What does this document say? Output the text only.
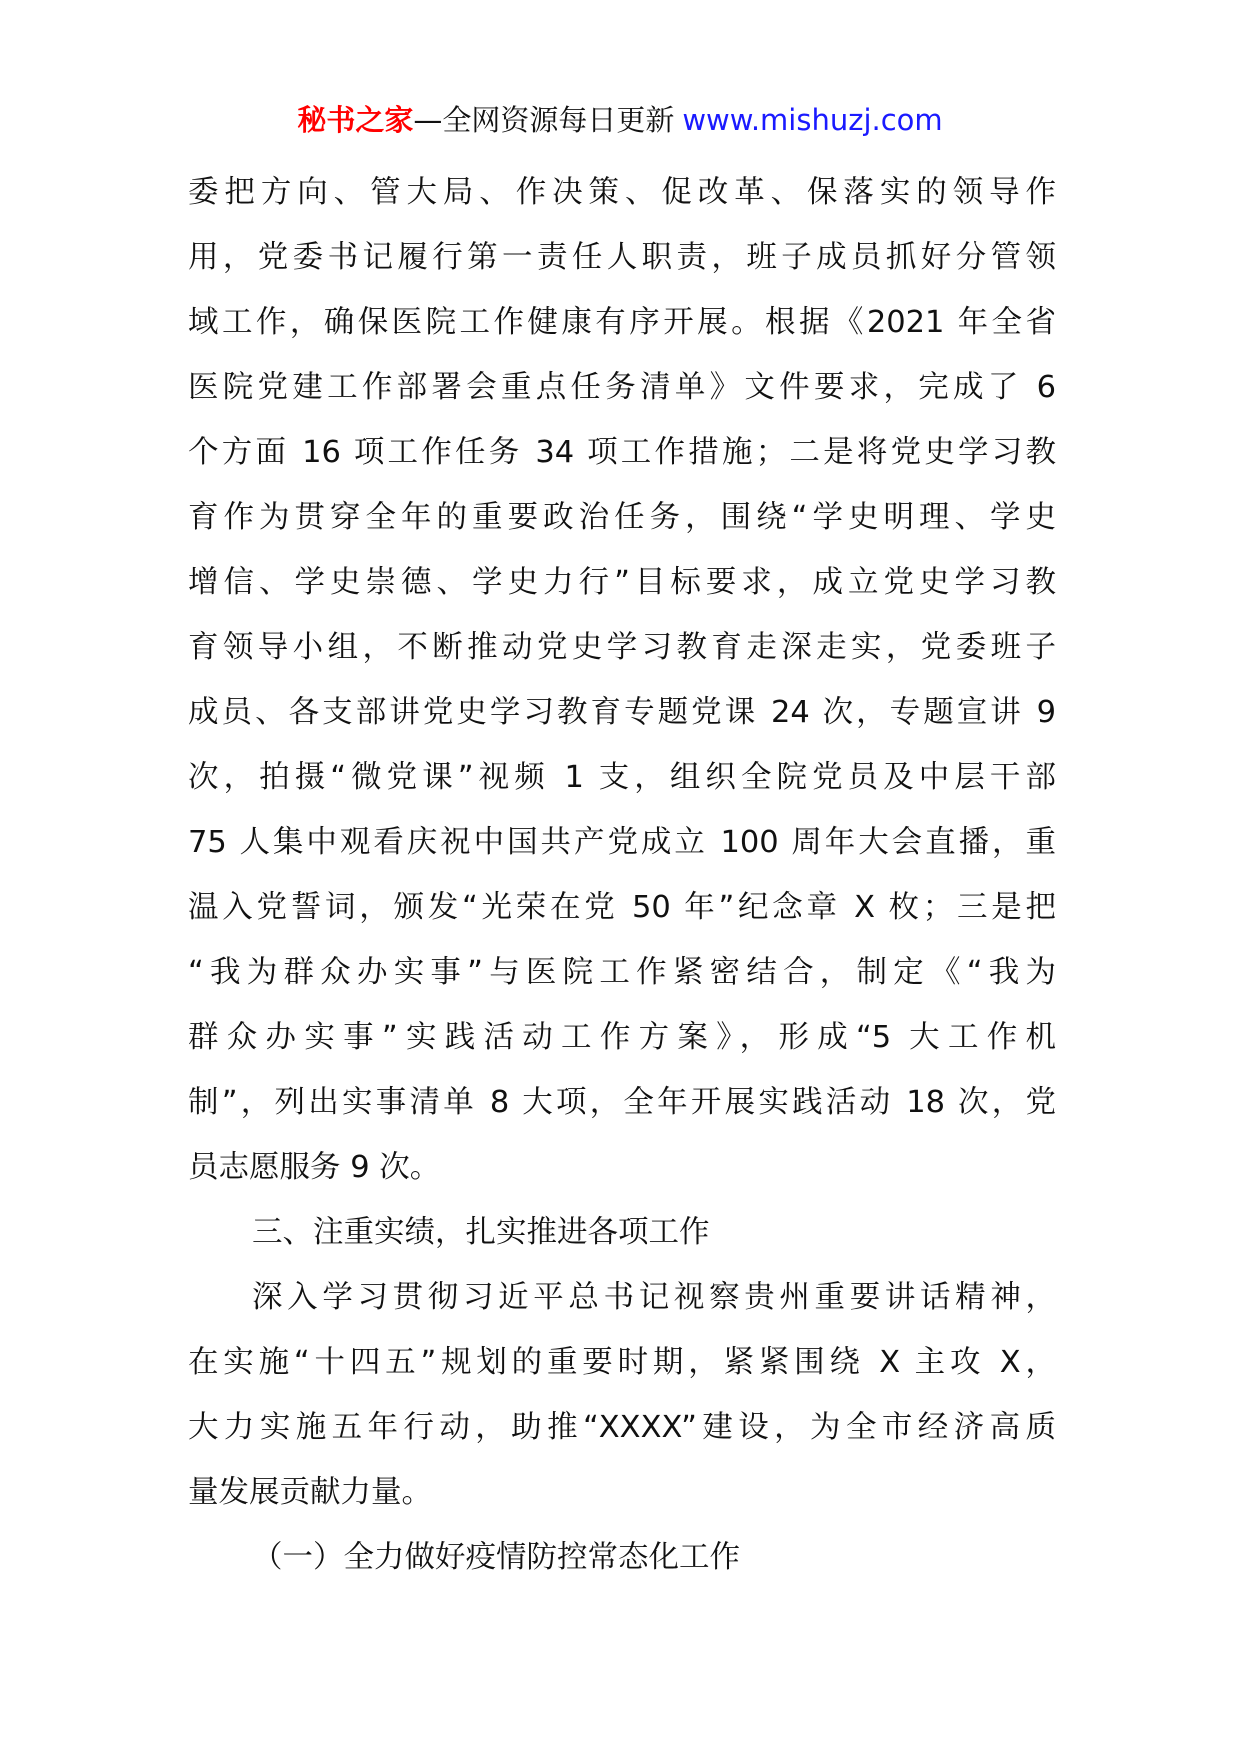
秘书之家—全网资源每日更新 www.mishuzj.com
委把方向、管大局、作决策、促改革、保落实的领导作
用，党委书记履行第一责任人职责，班子成员抓好分管领
域工作，确保医院工作健康有序开展。根据《2021 年全省
医院党建工作部署会重点任务清单》文件要求，完成了 6
个方面 16 项工作任务 34 项工作措施；二是将党史学习教
育作为贯穿全年的重要政治任务，围绕“学史明理、学史
增信、学史崇德、学史力行”目标要求，成立党史学习教
育领导小组，不断推动党史学习教育走深走实，党委班子
成员、各支部讲党史学习教育专题党课 24 次，专题宣讲 9
次，拍摄“微党课”视频 1 支，组织全院党员及中层干部
75 人集中观看庆祝中国共产党成立 100 周年大会直播，重
温入党誓词，颁发“光荣在党 50 年”纪念章 X 枚；三是把
“我为群众办实事”与医院工作紧密结合，制定《“我为
群众办实事”实践活动工作方案》，形成“5 大工作机
制”，列出实事清单 8 大项，全年开展实践活动 18 次，党
员志愿服务 9 次。
三、注重实绩，扎实推进各项工作
深入学习贯彻习近平总书记视察贵州重要讲话精神，
在实施“十四五”规划的重要时期，紧紧围绕 X 主攻 X，
大力实施五年行动，助推“XXXX”建设，为全市经济高质
量发展贡献力量。
（一）全力做好疫情防控常态化工作
